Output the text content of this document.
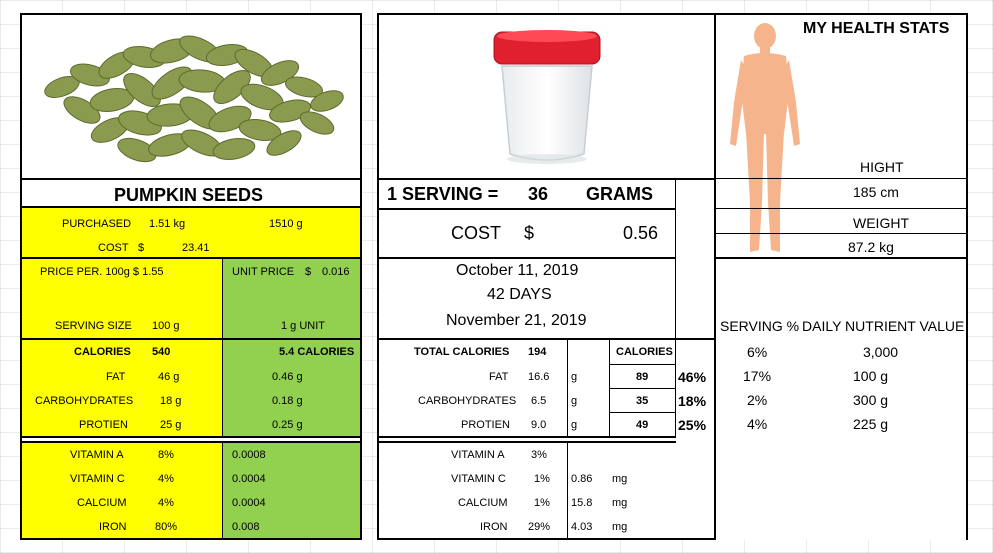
PUMPKIN SEEDS
PURCHASED 1.51 kg	1510 g
COST $	23.41
PRICE PER. 100g $ 1.55	UNIT PRICE $ 0.016
SERVING SIZE 100 g	1 g UNIT
CALORIES 540	5.4 CALORIES
FAT	46 g	0.46 g
CARBOHYDRATES 18 g	0.18 g
PROTIEN	25 g	0.25 g
VITAMIN A	8%	0.0008
VITAMIN C	4%	0.0004
CALCIUM	4%	0.0004
IRON	80%	0.008
1 SERVING = 36 GRAMS
COST $	0.56
October 11, 2019
42 DAYS
November 21, 2019
TOTAL CALORIES 194	CALORIES
FAT 16.6 g	89 46%
CARBOHYDRATES 6.5 g	35 18%
PROTIEN 9.0 g	49 25%
VITAMIN A 3%
VITAMIN C	1% 0.86 mg
CALCIUM 1% 15.8 mg
IRON 29% 4.03 mg
MY HEALTH STATS
HIGHT
185 cm
WEIGHT
87.2 kg
SERVING % DAILY NUTRIENT VALUE
6%	3,000
17%	100 g
2%	300 g
4%	225 g
